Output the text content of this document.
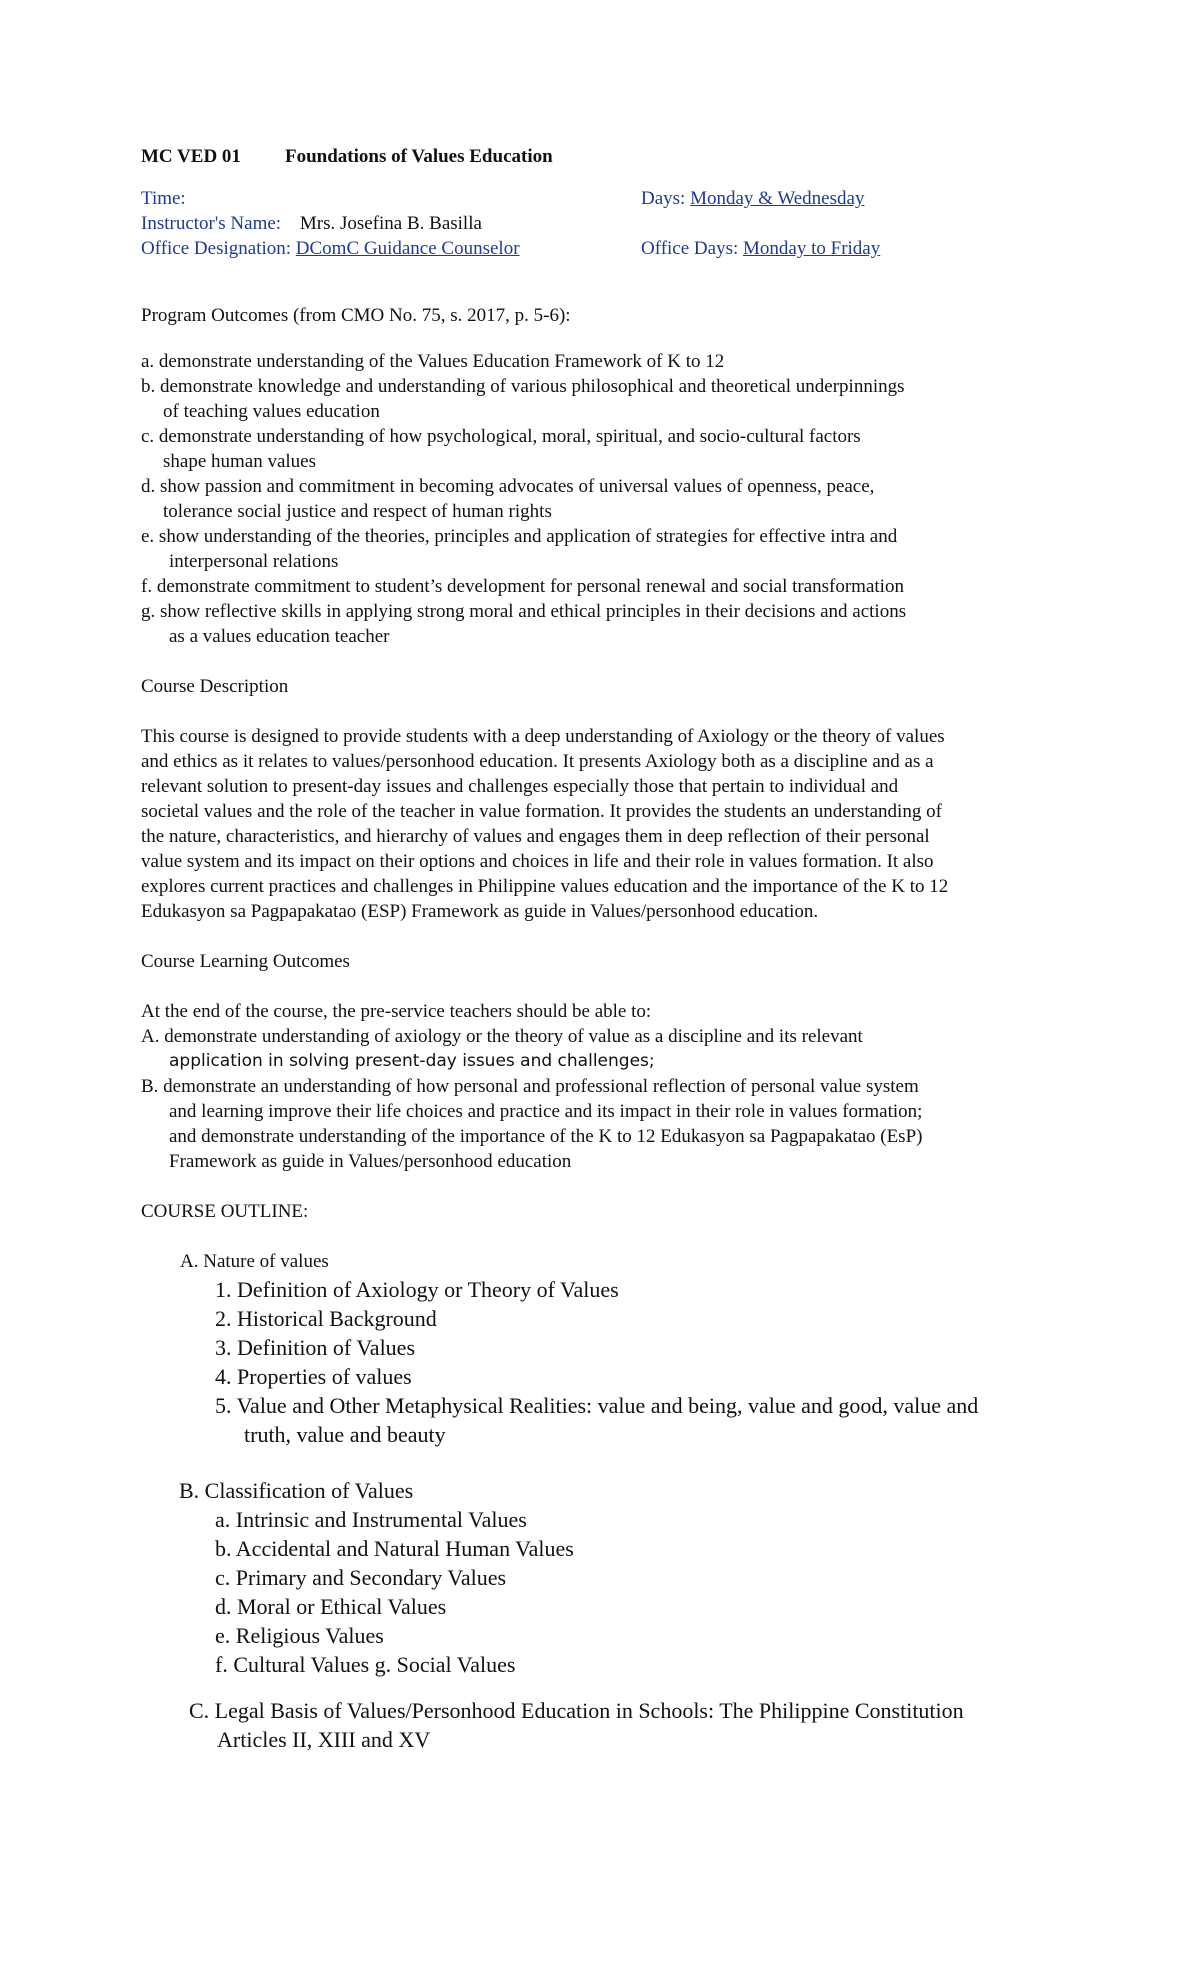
MC VED 01 Foundations of Values Education
Time:	Days: Monday & Wednesday
Instructor's Name: Mrs. Josefina B. Basilla
Office Designation: DComC Guidance Counselor	Office Days: Monday to Friday
Program Outcomes (from CMO No. 75, s. 2017, p. 5-6):
a. demonstrate understanding of the Values Education Framework of K to 12
b. demonstrate knowledge and understanding of various philosophical and theoretical underpinnings
of teaching values education
c. demonstrate understanding of how psychological, moral, spiritual, and socio-cultural factors
shape human values
d. show passion and commitment in becoming advocates of universal values of openness, peace,
tolerance social justice and respect of human rights
e. show understanding of the theories, principles and application of strategies for effective intra and
interpersonal relations
f. demonstrate commitment to student’s development for personal renewal and social transformation
g. show reflective skills in applying strong moral and ethical principles in their decisions and actions
as a values education teacher
Course Description
This course is designed to provide students with a deep understanding of Axiology or the theory of values
and ethics as it relates to values/personhood education. It presents Axiology both as a discipline and as a
relevant solution to present-day issues and challenges especially those that pertain to individual and
societal values and the role of the teacher in value formation. It provides the students an understanding of
the nature, characteristics, and hierarchy of values and engages them in deep reflection of their personal
value system and its impact on their options and choices in life and their role in values formation. It also
explores current practices and challenges in Philippine values education and the importance of the K to 12
Edukasyon sa Pagpapakatao (ESP) Framework as guide in Values/personhood education.
Course Learning Outcomes
At the end of the course, the pre-service teachers should be able to:
A. demonstrate understanding of axiology or the theory of value as a discipline and its relevant
application in solving present-day issues and challenges;
B. demonstrate an understanding of how personal and professional reflection of personal value system
and learning improve their life choices and practice and its impact in their role in values formation;
and demonstrate understanding of the importance of the K to 12 Edukasyon sa Pagpapakatao (EsP)
Framework as guide in Values/personhood education
COURSE OUTLINE:
A. Nature of values
1. Definition of Axiology or Theory of Values
2. Historical Background
3. Definition of Values
4. Properties of values
5. Value and Other Metaphysical Realities: value and being, value and good, value and
truth, value and beauty
B. Classification of Values
a. Intrinsic and Instrumental Values
b. Accidental and Natural Human Values
c. Primary and Secondary Values
d. Moral or Ethical Values
e. Religious Values
f. Cultural Values g. Social Values
C. Legal Basis of Values/Personhood Education in Schools: The Philippine Constitution
Articles II, XIII and XV
